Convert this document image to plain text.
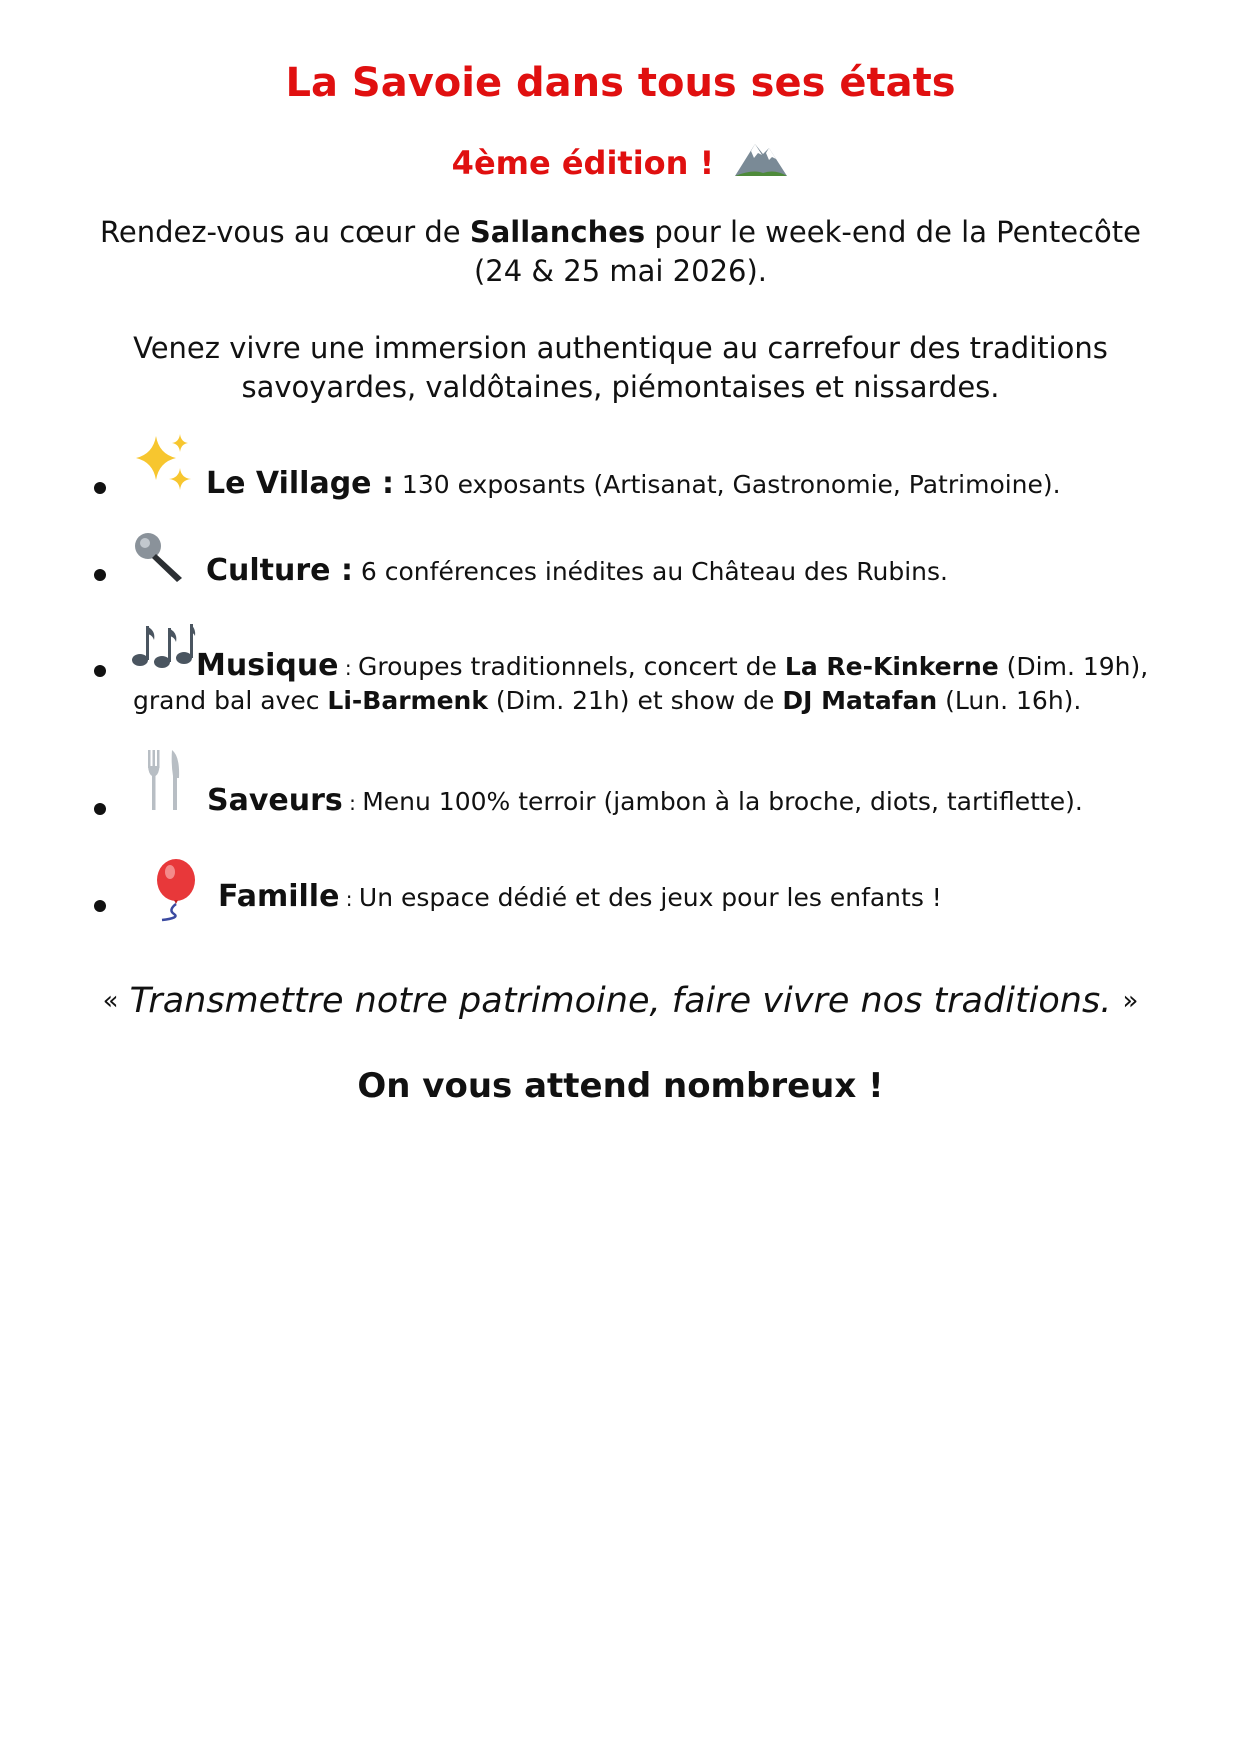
La Savoie dans tous ses états
4ème édition !
Rendez-vous au cœur de Sallanches pour le week-end de la Pentecôte
(24 & 25 mai 2026).
Venez vivre une immersion authentique au carrefour des traditions
savoyardes, valdôtaines, piémontaises et nissardes.
Le Village : 130 exposants (Artisanat, Gastronomie, Patrimoine).
Culture : 6 conférences inédites au Château des Rubins.
Musique : Groupes traditionnels, concert de La Re-Kinkerne (Dim. 19h),
grand bal avec Li-Barmenk (Dim. 21h) et show de DJ Matafan (Lun. 16h).
Saveurs : Menu 100% terroir (jambon à la broche, diots, tartiflette).
Famille : Un espace dédié et des jeux pour les enfants !
« Transmettre notre patrimoine, faire vivre nos traditions. »
On vous attend nombreux !
